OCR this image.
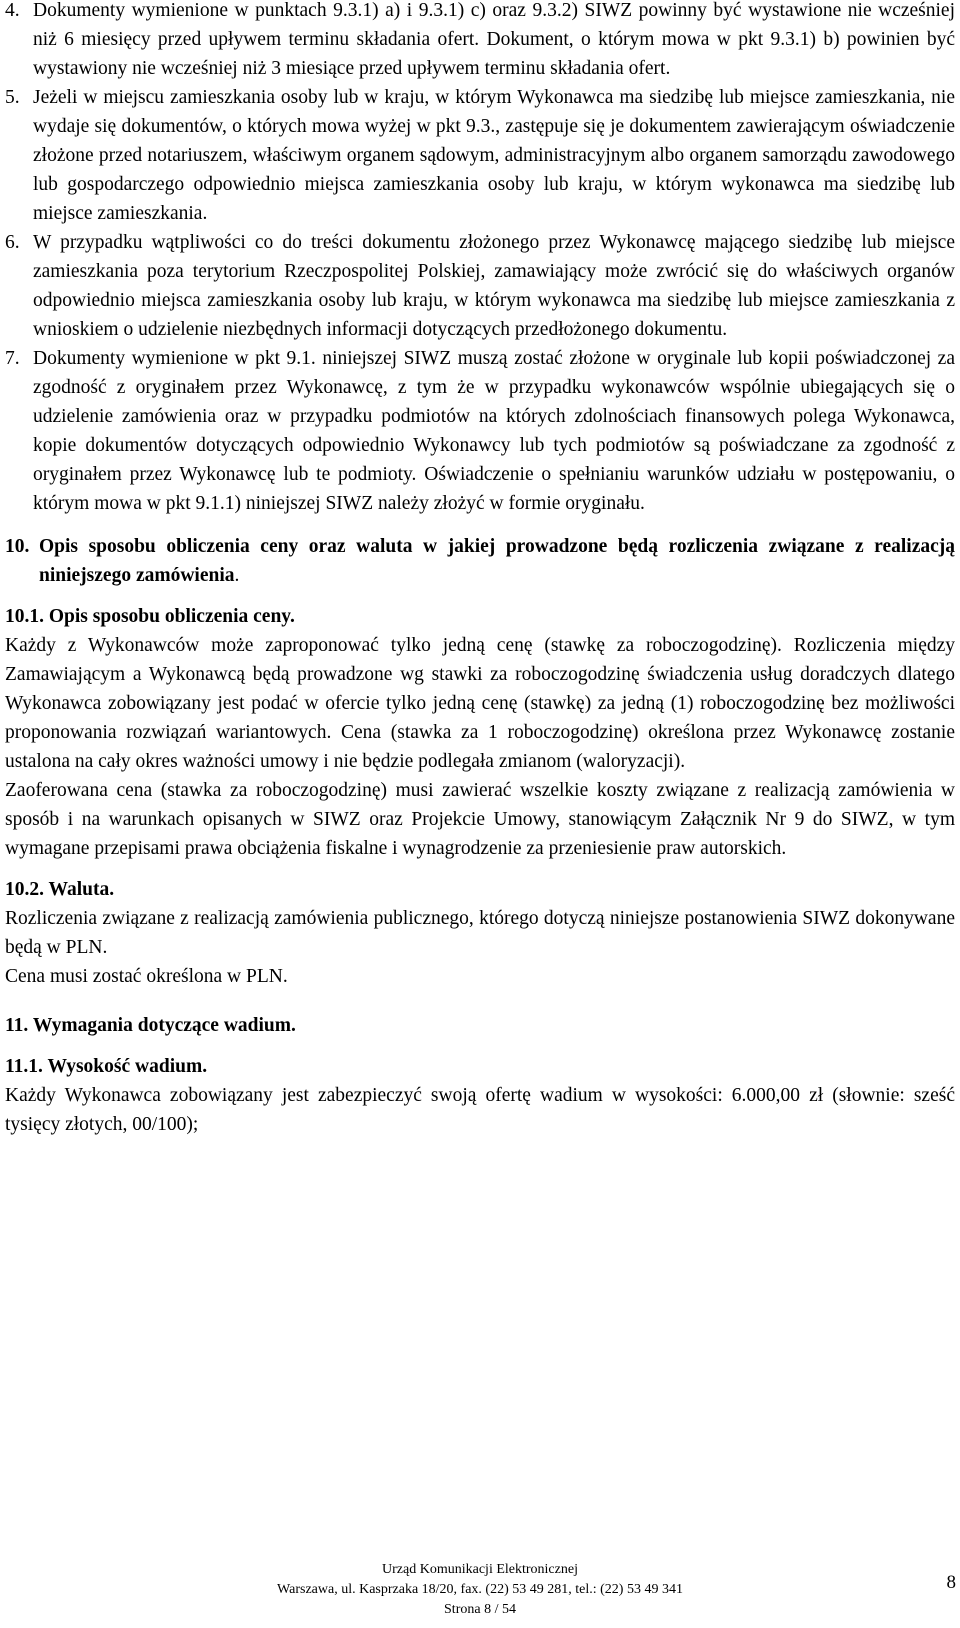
4. Dokumenty wymienione w punktach 9.3.1) a) i 9.3.1) c) oraz 9.3.2) SIWZ powinny być wystawione nie wcześniej niż 6 miesięcy przed upływem terminu składania ofert. Dokument, o którym mowa w pkt 9.3.1) b) powinien być wystawiony nie wcześniej niż 3 miesiące przed upływem terminu składania ofert.
5. Jeżeli w miejscu zamieszkania osoby lub w kraju, w którym Wykonawca ma siedzibę lub miejsce zamieszkania, nie wydaje się dokumentów, o których mowa wyżej w pkt 9.3., zastępuje się je dokumentem zawierającym oświadczenie złożone przed notariuszem, właściwym organem sądowym, administracyjnym albo organem samorządu zawodowego lub gospodarczego odpowiednio miejsca zamieszkania osoby lub kraju, w którym wykonawca ma siedzibę lub miejsce zamieszkania.
6. W przypadku wątpliwości co do treści dokumentu złożonego przez Wykonawcę mającego siedzibę lub miejsce zamieszkania poza terytorium Rzeczpospolitej Polskiej, zamawiający może zwrócić się do właściwych organów odpowiednio miejsca zamieszkania osoby lub kraju, w którym wykonawca ma siedzibę lub miejsce zamieszkania z wnioskiem o udzielenie niezbędnych informacji dotyczących przedłożonego dokumentu.
7. Dokumenty wymienione w pkt 9.1. niniejszej SIWZ muszą zostać złożone w oryginale lub kopii poświadczonej za zgodność z oryginałem przez Wykonawcę, z tym że w przypadku wykonawców wspólnie ubiegających się o udzielenie zamówienia oraz w przypadku podmiotów na których zdolnościach finansowych polega Wykonawca, kopie dokumentów dotyczących odpowiednio Wykonawcy lub tych podmiotów są poświadczane za zgodność z oryginałem przez Wykonawcę lub te podmioty. Oświadczenie o spełnianiu warunków udziału w postępowaniu, o którym mowa w pkt 9.1.1) niniejszej SIWZ należy złożyć w formie oryginału.
10. Opis sposobu obliczenia ceny oraz waluta w jakiej prowadzone będą rozliczenia związane z realizacją niniejszego zamówienia.

10.1. Opis sposobu obliczenia ceny.

Każdy z Wykonawców może zaproponować tylko jedną cenę (stawkę za roboczogodzinę). Rozliczenia między Zamawiającym a Wykonawcą będą prowadzone wg stawki za roboczogodzinę świadczenia usług doradczych dlatego Wykonawca zobowiązany jest podać w ofercie tylko jedną cenę (stawkę) za jedną (1) roboczogodzinę bez możliwości proponowania rozwiązań wariantowych. Cena (stawka za 1 roboczogodzinę) określona przez Wykonawcę zostanie ustalona na cały okres ważności umowy i nie będzie podlegała zmianom (waloryzacji).

Zaoferowana cena (stawka za roboczogodzinę) musi zawierać wszelkie koszty związane z realizacją zamówienia w sposób i na warunkach opisanych w SIWZ oraz Projekcie Umowy, stanowiącym Załącznik Nr 9 do SIWZ, w tym wymagane przepisami prawa obciążenia fiskalne i wynagrodzenie za przeniesienie praw autorskich.

10.2. Waluta.

Rozliczenia związane z realizacją zamówienia publicznego, którego dotyczą niniejsze postanowienia SIWZ dokonywane będą w PLN.

Cena musi zostać określona w PLN.

11. Wymagania dotyczące wadium.

11.1. Wysokość wadium.

Każdy Wykonawca zobowiązany jest zabezpieczyć swoją ofertę wadium w wysokości: 6.000,00 zł (słownie: sześć tysięcy złotych, 00/100);

Urząd Komunikacji Elektronicznej
Warszawa, ul. Kasprzaka 18/20, fax. (22) 53 49 281, tel.: (22) 53 49 341
Strona 8 / 54
8
